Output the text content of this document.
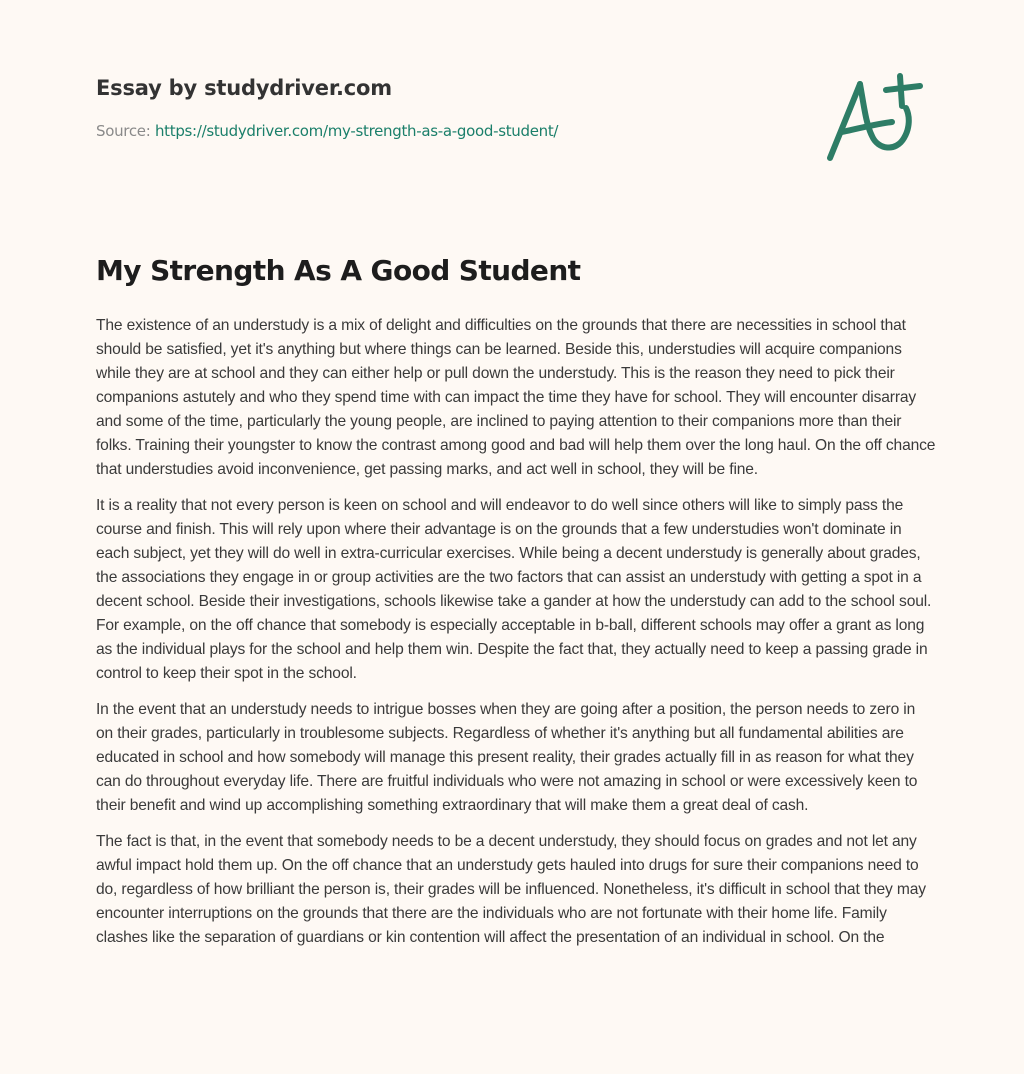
Essay by studydriver.com
Source: https://studydriver.com/my-strength-as-a-good-student/
My Strength As A Good Student

The existence of an understudy is a mix of delight and difficulties on the grounds that there are necessities in school that should be satisfied, yet it's anything but where things can be learned. Beside this, understudies will acquire companions while they are at school and they can either help or pull down the understudy. This is the reason they need to pick their companions astutely and who they spend time with can impact the time they have for school. They will encounter disarray and some of the time, particularly the young people, are inclined to paying attention to their companions more than their folks. Training their youngster to know the contrast among good and bad will help them over the long haul. On the off chance that understudies avoid inconvenience, get passing marks, and act well in school, they will be fine.

It is a reality that not every person is keen on school and will endeavor to do well since others will like to simply pass the course and finish. This will rely upon where their advantage is on the grounds that a few understudies won't dominate in each subject, yet they will do well in extra-curricular exercises. While being a decent understudy is generally about grades, the associations they engage in or group activities are the two factors that can assist an understudy with getting a spot in a decent school. Beside their investigations, schools likewise take a gander at how the understudy can add to the school soul. For example, on the off chance that somebody is especially acceptable in b-ball, different schools may offer a grant as long as the individual plays for the school and help them win. Despite the fact that, they actually need to keep a passing grade in control to keep their spot in the school.

In the event that an understudy needs to intrigue bosses when they are going after a position, the person needs to zero in on their grades, particularly in troublesome subjects. Regardless of whether it's anything but all fundamental abilities are educated in school and how somebody will manage this present reality, their grades actually fill in as reason for what they can do throughout everyday life. There are fruitful individuals who were not amazing in school or were excessively keen to their benefit and wind up accomplishing something extraordinary that will make them a great deal of cash.

The fact is that, in the event that somebody needs to be a decent understudy, they should focus on grades and not let any awful impact hold them up. On the off chance that an understudy gets hauled into drugs for sure their companions need to do, regardless of how brilliant the person is, their grades will be influenced. Nonetheless, it's difficult in school that they may encounter interruptions on the grounds that there are the individuals who are not fortunate with their home life. Family clashes like the separation of guardians or kin contention will affect the presentation of an individual in school. On the
